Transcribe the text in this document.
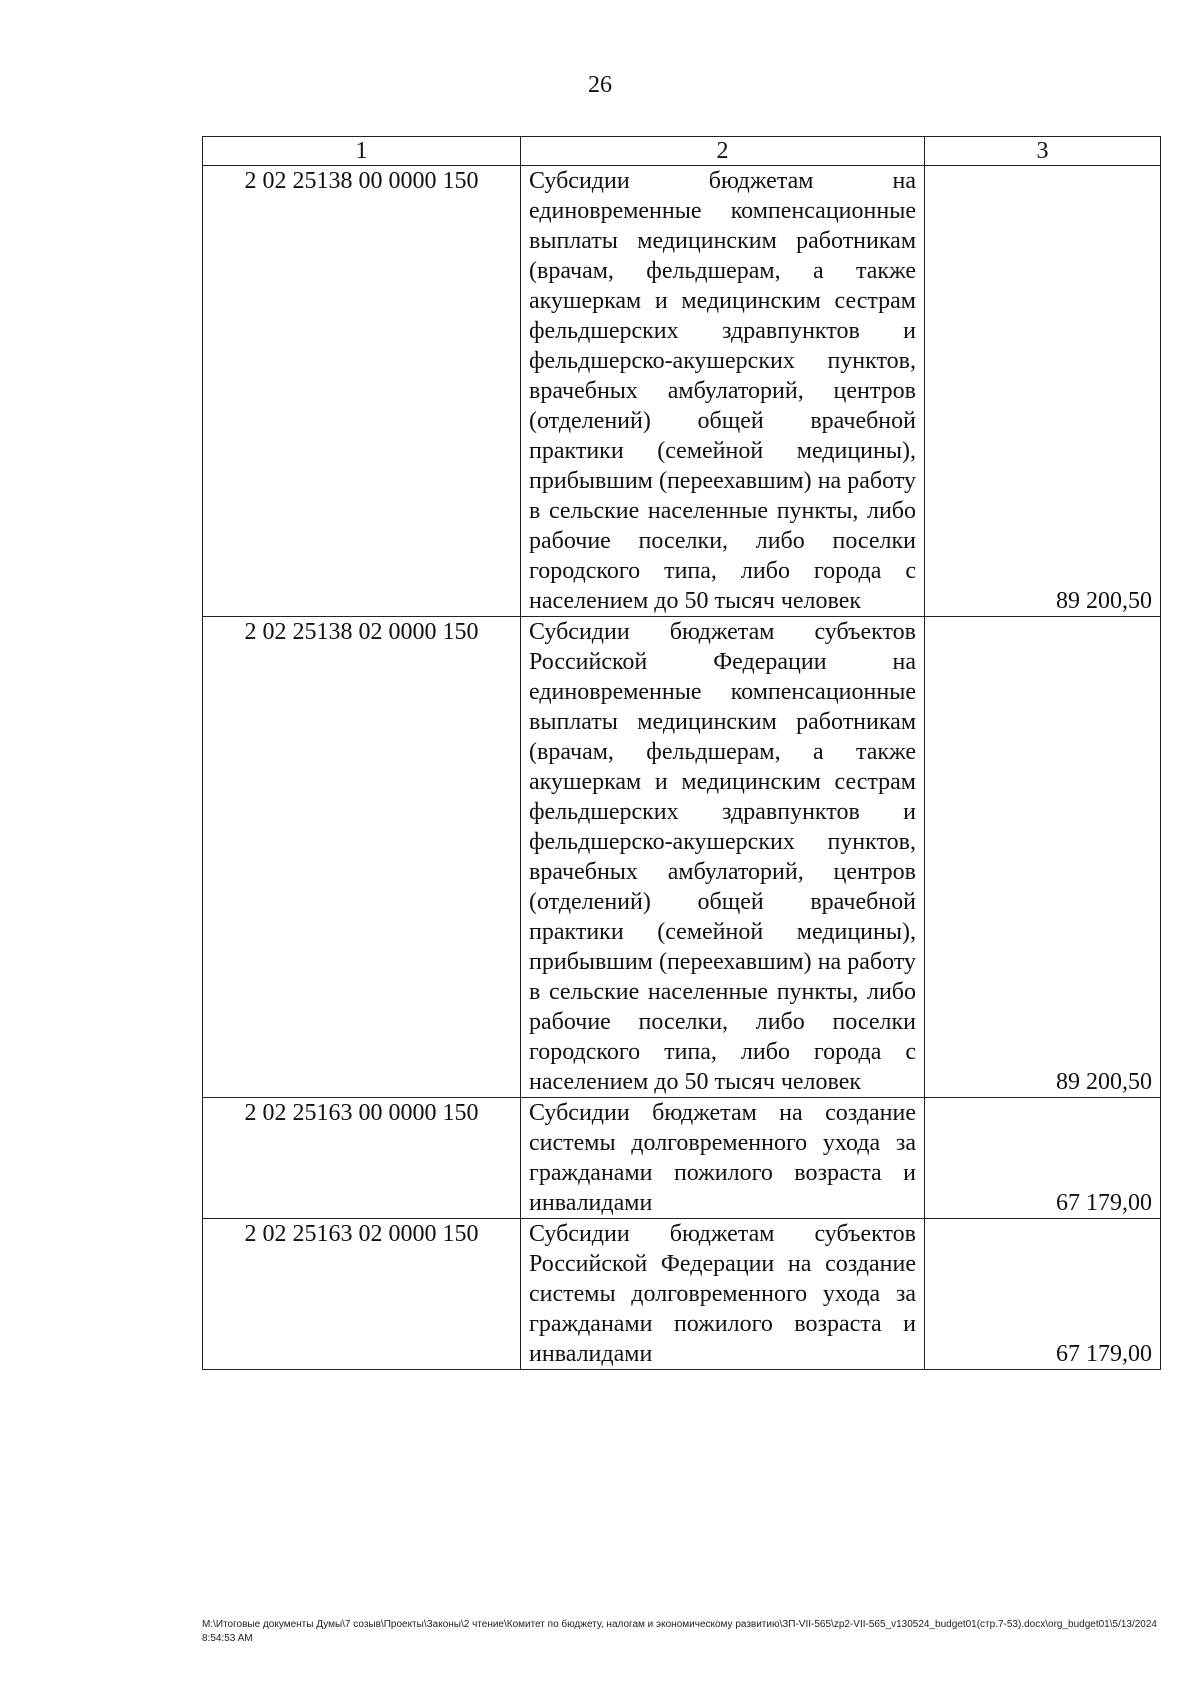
26
1	2	3
2 02 25138 00 0000 150	Субсидии бюджетам на единовременные компенсационные выплаты медицинским работникам (врачам, фельдшерам, а также акушеркам и медицинским сестрам фельдшерских здравпунктов и фельдшерско-акушерских пунктов, врачебных амбулаторий, центров (отделений) общей врачебной практики (семейной медицины), прибывшим (переехавшим) на работу в сельские населенные пункты, либо рабочие поселки, либо поселки городского типа, либо города с населением до 50 тысяч человек	89 200,50
2 02 25138 02 0000 150	Субсидии бюджетам субъектов Российской Федерации на единовременные компенсационные выплаты медицинским работникам (врачам, фельдшерам, а также акушеркам и медицинским сестрам фельдшерских здравпунктов и фельдшерско-акушерских пунктов, врачебных амбулаторий, центров (отделений) общей врачебной практики (семейной медицины), прибывшим (переехавшим) на работу в сельские населенные пункты, либо рабочие поселки, либо поселки городского типа, либо города с населением до 50 тысяч человек	89 200,50
2 02 25163 00 0000 150	Субсидии бюджетам на создание системы долговременного ухода за гражданами пожилого возраста и инвалидами	67 179,00
2 02 25163 02 0000 150	Субсидии бюджетам субъектов Российской Федерации на создание системы долговременного ухода за гражданами пожилого возраста и инвалидами	67 179,00
M:\Итоговые документы Думы\7 созыв\Проекты\Законы\2 чтение\Комитет по бюджету, налогам и экономическому развитию\ЗП-VII-565\zp2-VII-565_v130524_budget01(стр.7-53).docx\org_budget01\5/13/2024 8:54:53 AM
